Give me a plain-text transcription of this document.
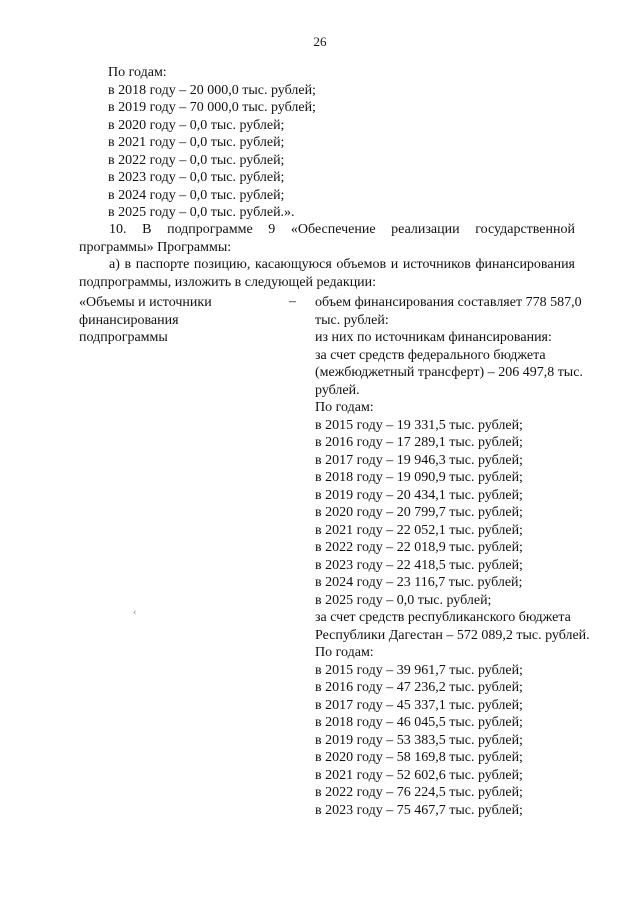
26
По годам:
в 2018 году – 20 000,0 тыс. рублей;
в 2019 году – 70 000,0 тыс. рублей;
в 2020 году – 0,0 тыс. рублей;
в 2021 году – 0,0 тыс. рублей;
в 2022 году – 0,0 тыс. рублей;
в 2023 году – 0,0 тыс. рублей;
в 2024 году – 0,0 тыс. рублей;
в 2025 году – 0,0 тыс. рублей.».
10. В подпрограмме 9 «Обеспечение реализации государственной программы» Программы:
а) в паспорте позицию, касающуюся объемов и источников финансирования подпрограммы, изложить в следующей редакции:
«Объемы и источники
финансирования
подпрограммы
– объем финансирования составляет 778 587,0 тыс. рублей:
из них по источникам финансирования:
за счет средств федерального бюджета (межбюджетный трансферт) – 206 497,8 тыс. рублей.
По годам:
в 2015 году – 19 331,5 тыс. рублей;
в 2016 году – 17 289,1 тыс. рублей;
в 2017 году – 19 946,3 тыс. рублей;
в 2018 году – 19 090,9 тыс. рублей;
в 2019 году – 20 434,1 тыс. рублей;
в 2020 году – 20 799,7 тыс. рублей;
в 2021 году – 22 052,1 тыс. рублей;
в 2022 году – 22 018,9 тыс. рублей;
в 2023 году – 22 418,5 тыс. рублей;
в 2024 году – 23 116,7 тыс. рублей;
в 2025 году – 0,0 тыс. рублей;
за счет средств республиканского бюджета Республики Дагестан – 572 089,2 тыс. рублей.
По годам:
в 2015 году – 39 961,7 тыс. рублей;
в 2016 году – 47 236,2 тыс. рублей;
в 2017 году – 45 337,1 тыс. рублей;
в 2018 году – 46 045,5 тыс. рублей;
в 2019 году – 53 383,5 тыс. рублей;
в 2020 году – 58 169,8 тыс. рублей;
в 2021 году – 52 602,6 тыс. рублей;
в 2022 году – 76 224,5 тыс. рублей;
в 2023 году – 75 467,7 тыс. рублей;
‹
